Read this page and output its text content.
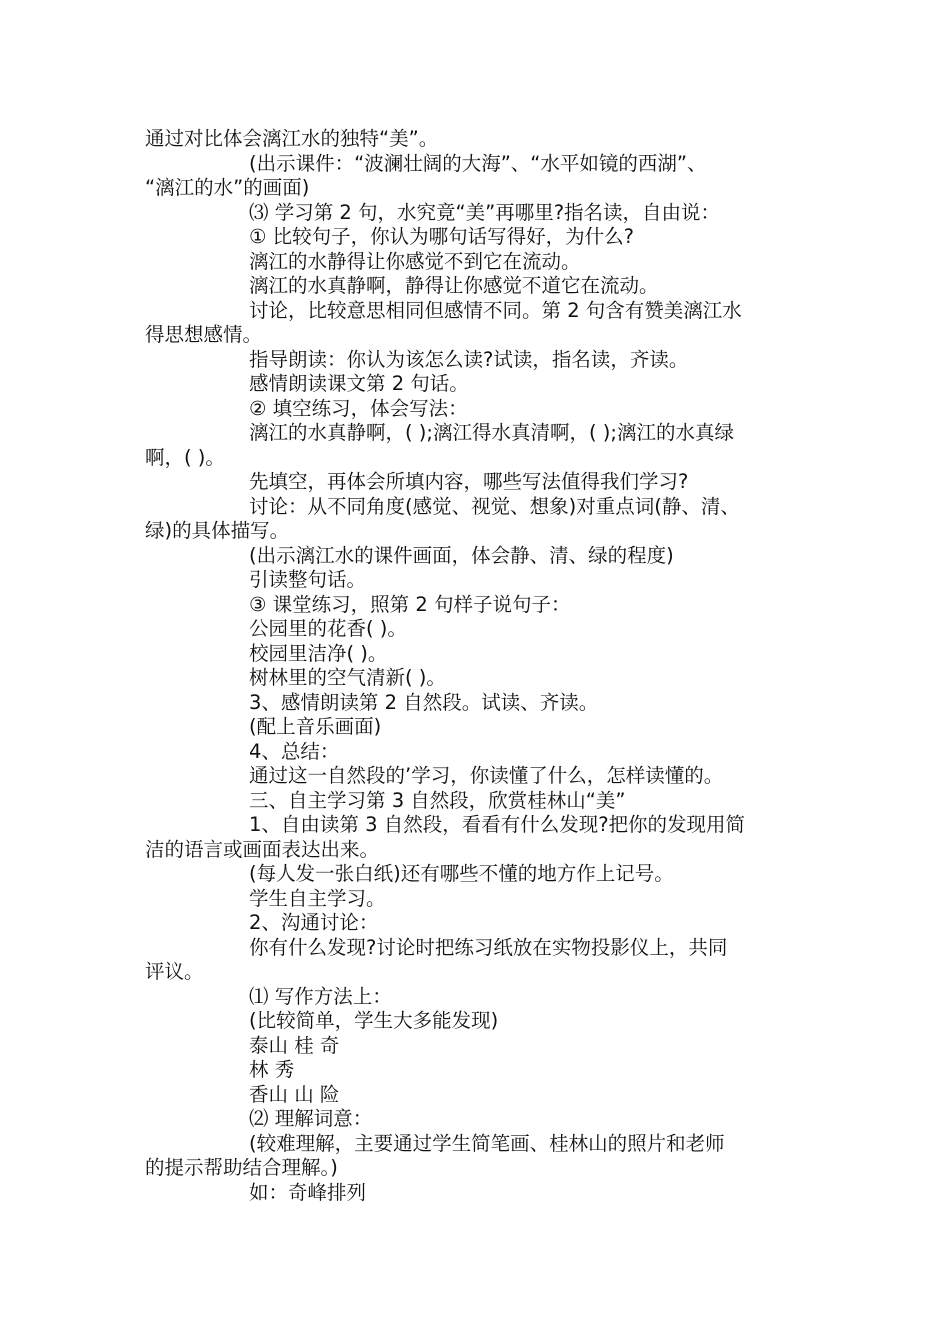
通过对比体会漓江水的独特“美”。
(出示课件：“波澜壮阔的大海”、“水平如镜的西湖”、
“漓江的水”的画面)
⑶ 学习第 2 句，水究竟“美”再哪里?指名读，自由说：
① 比较句子，你认为哪句话写得好，为什么?
漓江的水静得让你感觉不到它在流动。
漓江的水真静啊，静得让你感觉不道它在流动。
讨论，比较意思相同但感情不同。第 2 句含有赞美漓江水
得思想感情。
指导朗读：你认为该怎么读?试读，指名读，齐读。
感情朗读课文第 2 句话。
② 填空练习，体会写法：
漓江的水真静啊，( );漓江得水真清啊，( );漓江的水真绿
啊，( )。
先填空，再体会所填内容，哪些写法值得我们学习?
讨论：从不同角度(感觉、视觉、想象)对重点词(静、清、
绿)的具体描写。
(出示漓江水的课件画面，体会静、清、绿的程度)
引读整句话。
③ 课堂练习，照第 2 句样子说句子：
公园里的花香( )。
校园里洁净( )。
树林里的空气清新( )。
3、感情朗读第 2 自然段。试读、齐读。
(配上音乐画面)
4、总结：
通过这一自然段的’学习，你读懂了什么，怎样读懂的。
三、自主学习第 3 自然段，欣赏桂林山“美”
1、自由读第 3 自然段，看看有什么发现?把你的发现用简
洁的语言或画面表达出来。
(每人发一张白纸)还有哪些不懂的地方作上记号。
学生自主学习。
2、沟通讨论：
你有什么发现?讨论时把练习纸放在实物投影仪上，共同
评议。
⑴ 写作方法上：
(比较简单，学生大多能发现)
泰山 桂 奇
林 秀
香山 山 险
⑵ 理解词意：
(较难理解，主要通过学生简笔画、桂林山的照片和老师
的提示帮助结合理解。)
如：奇峰排列
